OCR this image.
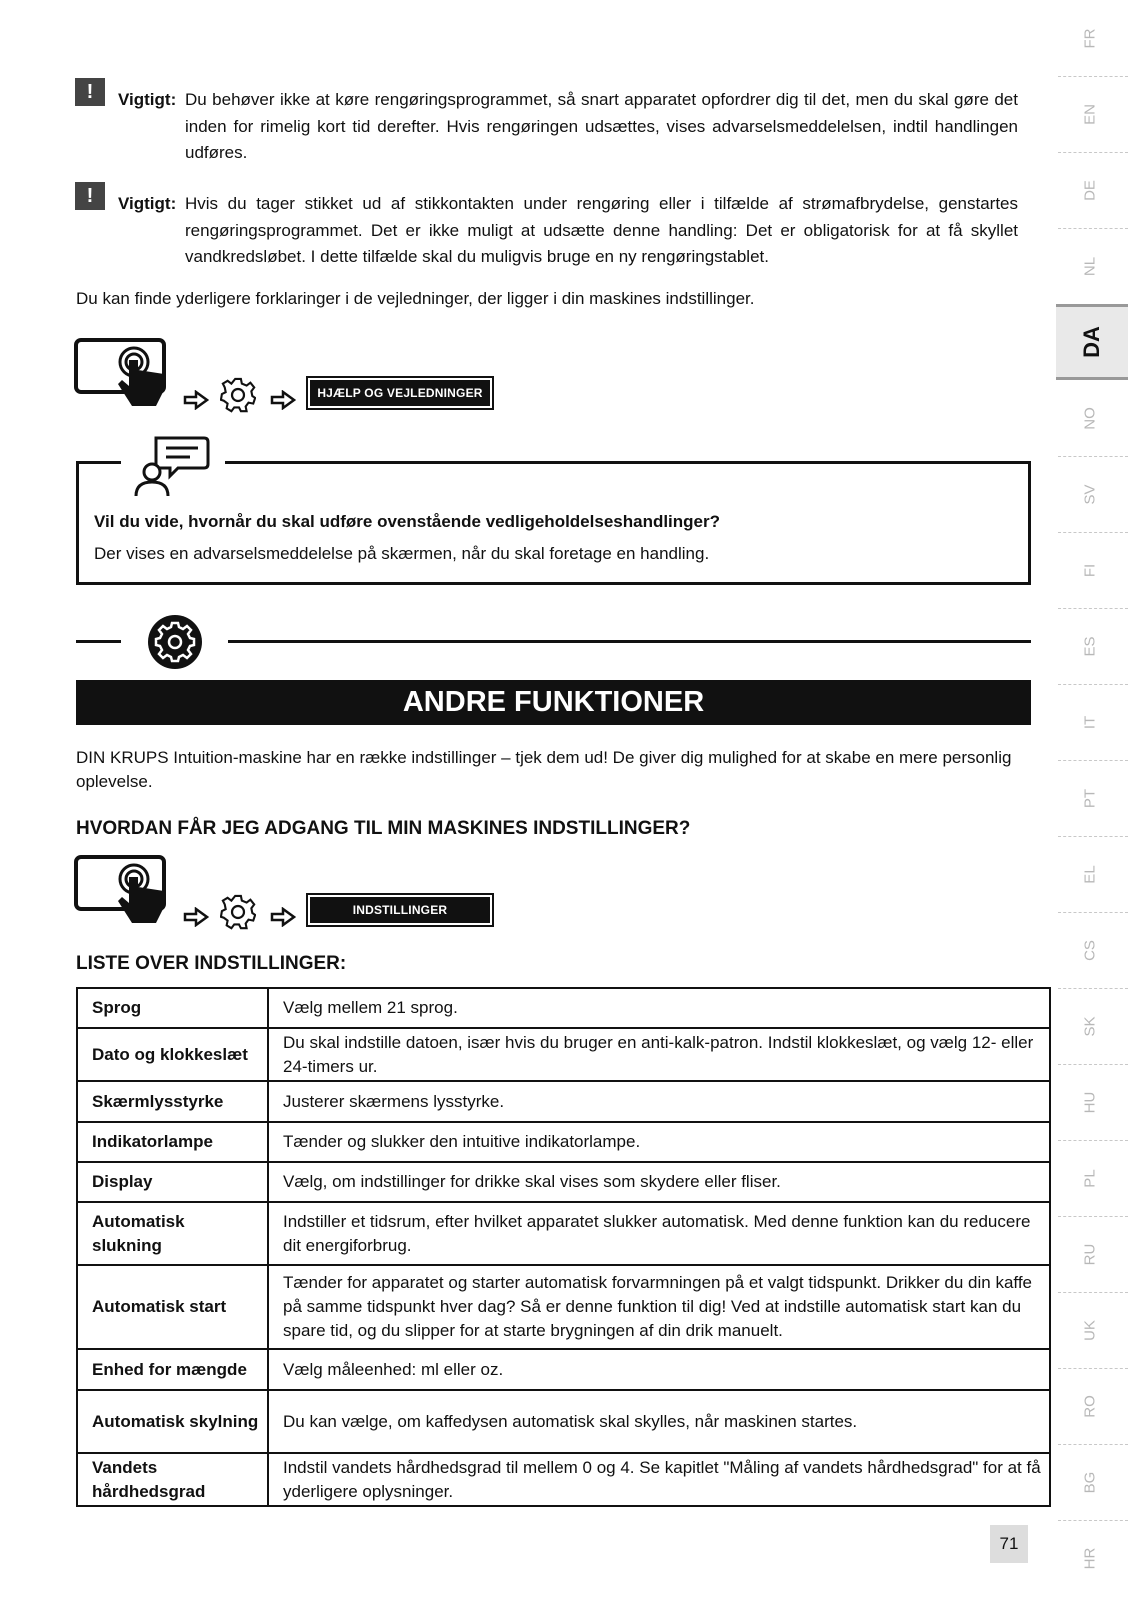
!	Vigtigt: Du behøver ikke at køre rengøringsprogrammet, så snart apparatet opfordrer dig til det, men du skal gøre det inden for rimelig kort tid derefter. Hvis rengøringen udsættes, vises advarselsmeddelelsen, indtil handlingen udføres.
!	Vigtigt: Hvis du tager stikket ud af stikkontakten under rengøring eller i tilfælde af strømafbrydelse, genstartes rengøringsprogrammet. Det er ikke muligt at udsætte denne handling: Det er obligatorisk for at få skyllet vandkredsløbet. I dette tilfælde skal du muligvis bruge en ny rengøringstablet.
Du kan finde yderligere forklaringer i de vejledninger, der ligger i din maskines indstillinger.
HJÆLP OG VEJLEDNINGER
Vil du vide, hvornår du skal udføre ovenstående vedligeholdelseshandlinger?
Der vises en advarselsmeddelelse på skærmen, når du skal foretage en handling.
ANDRE FUNKTIONER
DIN KRUPS Intuition-maskine har en række indstillinger – tjek dem ud! De giver dig mulighed for at skabe en mere personlig oplevelse.
HVORDAN FÅR JEG ADGANG TIL MIN MASKINES INDSTILLINGER?
INDSTILLINGER
LISTE OVER INDSTILLINGER:
Sprog	Vælg mellem 21 sprog.
Dato og klokkeslæt	Du skal indstille datoen, især hvis du bruger en anti-kalk-patron. Indstil klokkeslæt, og vælg 12- eller 24-timers ur.
Skærmlysstyrke	Justerer skærmens lysstyrke.
Indikatorlampe	Tænder og slukker den intuitive indikatorlampe.
Display	Vælg, om indstillinger for drikke skal vises som skydere eller fliser.
Automatisk slukning	Indstiller et tidsrum, efter hvilket apparatet slukker automatisk. Med denne funktion kan du reducere dit energiforbrug.
Automatisk start	Tænder for apparatet og starter automatisk forvarmningen på et valgt tidspunkt. Drikker du din kaffe på samme tidspunkt hver dag? Så er denne funktion til dig! Ved at indstille automatisk start kan du spare tid, og du slipper for at starte brygningen af din drik manuelt.
Enhed for mængde	Vælg måleenhed: ml eller oz.
Automatisk skylning	Du kan vælge, om kaffedysen automatisk skal skylles, når maskinen startes.
Vandets hårdhedsgrad	Indstil vandets hårdhedsgrad til mellem 0 og 4. Se kapitlet "Måling af vandets hårdhedsgrad" for at få yderligere oplysninger.
FR
EN
DE
NL
DA
NO
SV
FI
ES
IT
PT
EL
CS
SK
HU
PL
RU
UK
RO
BG
HR
71
